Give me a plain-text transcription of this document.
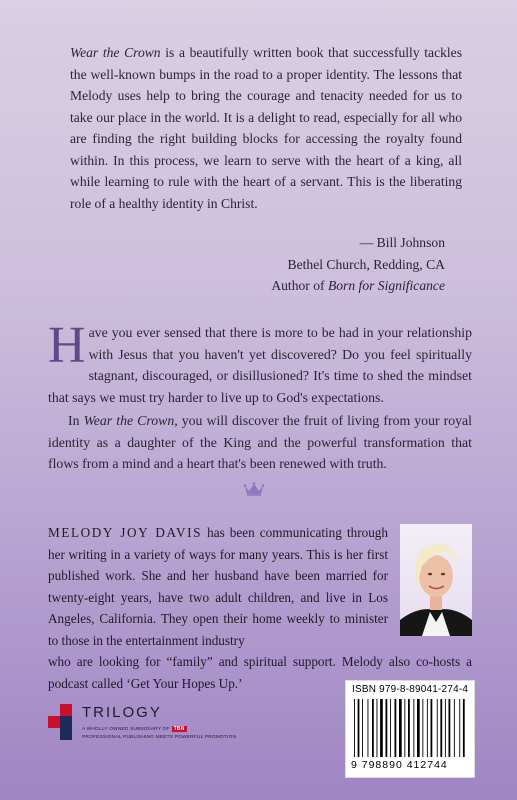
Wear the Crown is a beautifully written book that successfully tackles the well-known bumps in the road to a proper identity. The lessons that Melody uses help to bring the courage and tenacity needed for us to take our place in the world. It is a delight to read, especially for all who are finding the right building blocks for accessing the royalty found within. In this process, we learn to serve with the heart of a king, all while learning to rule with the heart of a servant. This is the liberating role of a healthy identity in Christ.

— Bill Johnson
Bethel Church, Redding, CA
Author of Born for Significance

Have you ever sensed that there is more to be had in your relationship with Jesus that you haven't yet discovered? Do you feel spiritually stagnant, discouraged, or disillusioned? It's time to shed the mindset that says we must try harder to live up to God's expectations.

In Wear the Crown, you will discover the fruit of living from your royal identity as a daughter of the King and the powerful transformation that flows from a mind and a heart that's been renewed with truth.

MELODY JOY DAVIS has been communicating through her writing in a variety of ways for many years. This is her first published work. She and her husband have been married for twenty-eight years, have two adult children, and live in Los Angeles, California. They open their home weekly to minister to those in the entertainment industry

who are looking for “family” and spiritual support. Melody also co-hosts a podcast called ‘Get Your Hopes Up.’	ISBN 979-8-89041-274-4
9 798890 412744
TRILOGY
A WHOLLY OWNED SUBSIDIARY OF TBN
PROFESSIONAL PUBLISHING MEETS POWERFUL PROMOTION
